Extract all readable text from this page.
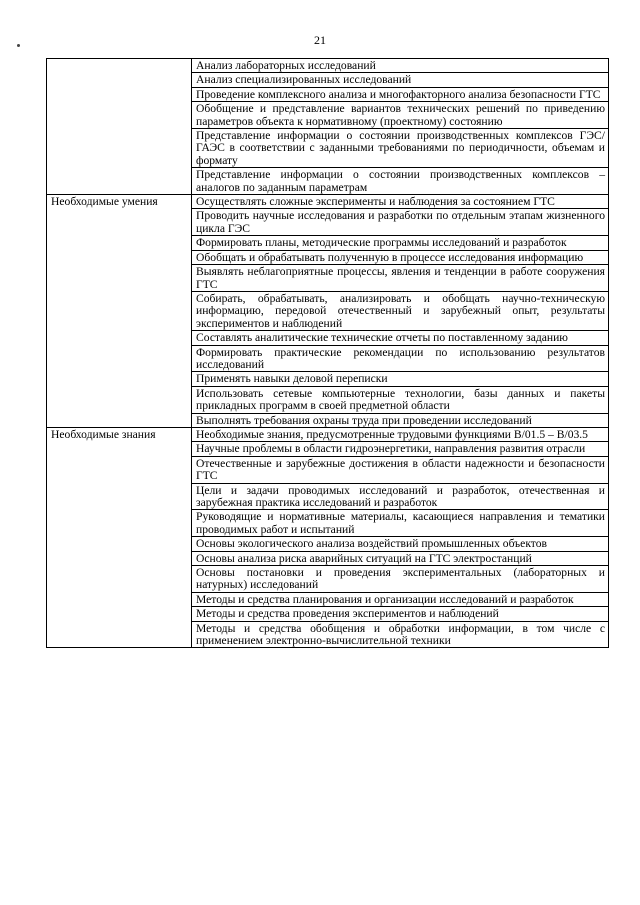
21
	Анализ лабораторных исследований
	Анализ специализированных исследований
	Проведение комплексного анализа и многофакторного анализа безопасности ГТС
	Обобщение и представление вариантов технических решений по приведению параметров объекта к нормативному (проектному) состоянию
	Представление информации о состоянии производственных комплексов ГЭС/ГАЭС в соответствии с заданными требованиями по периодичности, объемам и формату
	Представление информации о состоянии производственных комплексов – аналогов по заданным параметрам
Необходимые умения	Осуществлять сложные эксперименты и наблюдения за состоянием ГТС
	Проводить научные исследования и разработки по отдельным этапам жизненного цикла ГЭС
	Формировать планы, методические программы исследований и разработок
	Обобщать и обрабатывать полученную в процессе исследования информацию
	Выявлять неблагоприятные процессы, явления и тенденции в работе сооружения ГТС
	Собирать, обрабатывать, анализировать и обобщать научно-техническую информацию, передовой отечественный и зарубежный опыт, результаты экспериментов и наблюдений
	Составлять аналитические технические отчеты по поставленному заданию
	Формировать практические рекомендации по использованию результатов исследований
	Применять навыки деловой переписки
	Использовать сетевые компьютерные технологии, базы данных и пакеты прикладных программ в своей предметной области
	Выполнять требования охраны труда при проведении исследований
Необходимые знания	Необходимые знания, предусмотренные трудовыми функциями B/01.5 – B/03.5
	Научные проблемы в области гидроэнергетики, направления развития отрасли
	Отечественные и зарубежные достижения в области надежности и безопасности ГТС
	Цели и задачи проводимых исследований и разработок, отечественная и зарубежная практика исследований и разработок
	Руководящие и нормативные материалы, касающиеся направления и тематики проводимых работ и испытаний
	Основы экологического анализа воздействий промышленных объектов
	Основы анализа риска аварийных ситуаций на ГТС электростанций
	Основы постановки и проведения экспериментальных (лабораторных и натурных) исследований
	Методы и средства планирования и организации исследований и разработок
	Методы и средства проведения экспериментов и наблюдений
	Методы и средства обобщения и обработки информации, в том числе с применением электронно-вычислительной техники
